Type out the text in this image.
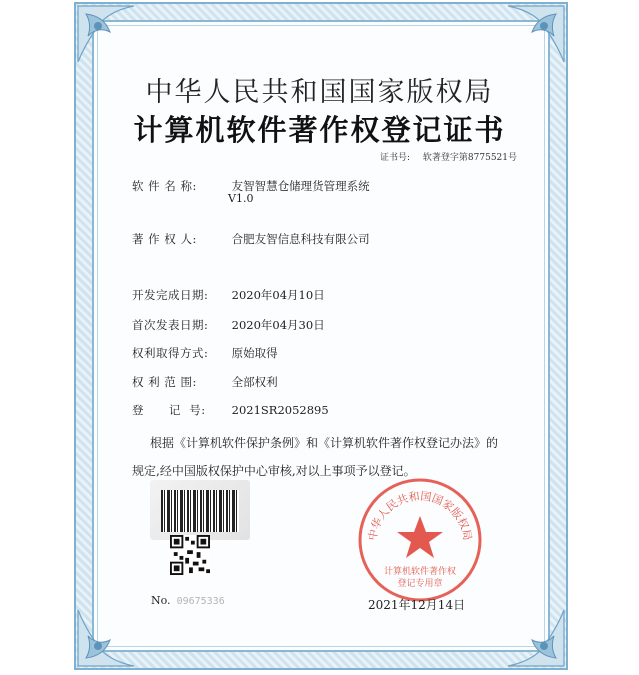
中华人民共和国国家版权局
计算机软件著作权登记证书
证书号: 软著登字第8775521号
软 件 名 称:	友智智慧仓储理货管理系统
V1.0
著 作 权 人:	合肥友智信息科技有限公司
开发完成日期: 2020年04月10日
首次发表日期: 2020年04月30日
权利取得方式: 原始取得
权 利 范 围:	全部权利
登      记  号: 2021SR2052895
根据《计算机软件保护条例》和《计算机软件著作权登记办法》的
规定,经中国版权保护中心审核,对以上事项予以登记。
No. 09675336
中华人民共和国国家版权局
计算机软件著作权
登记专用章
2021年12月14日
